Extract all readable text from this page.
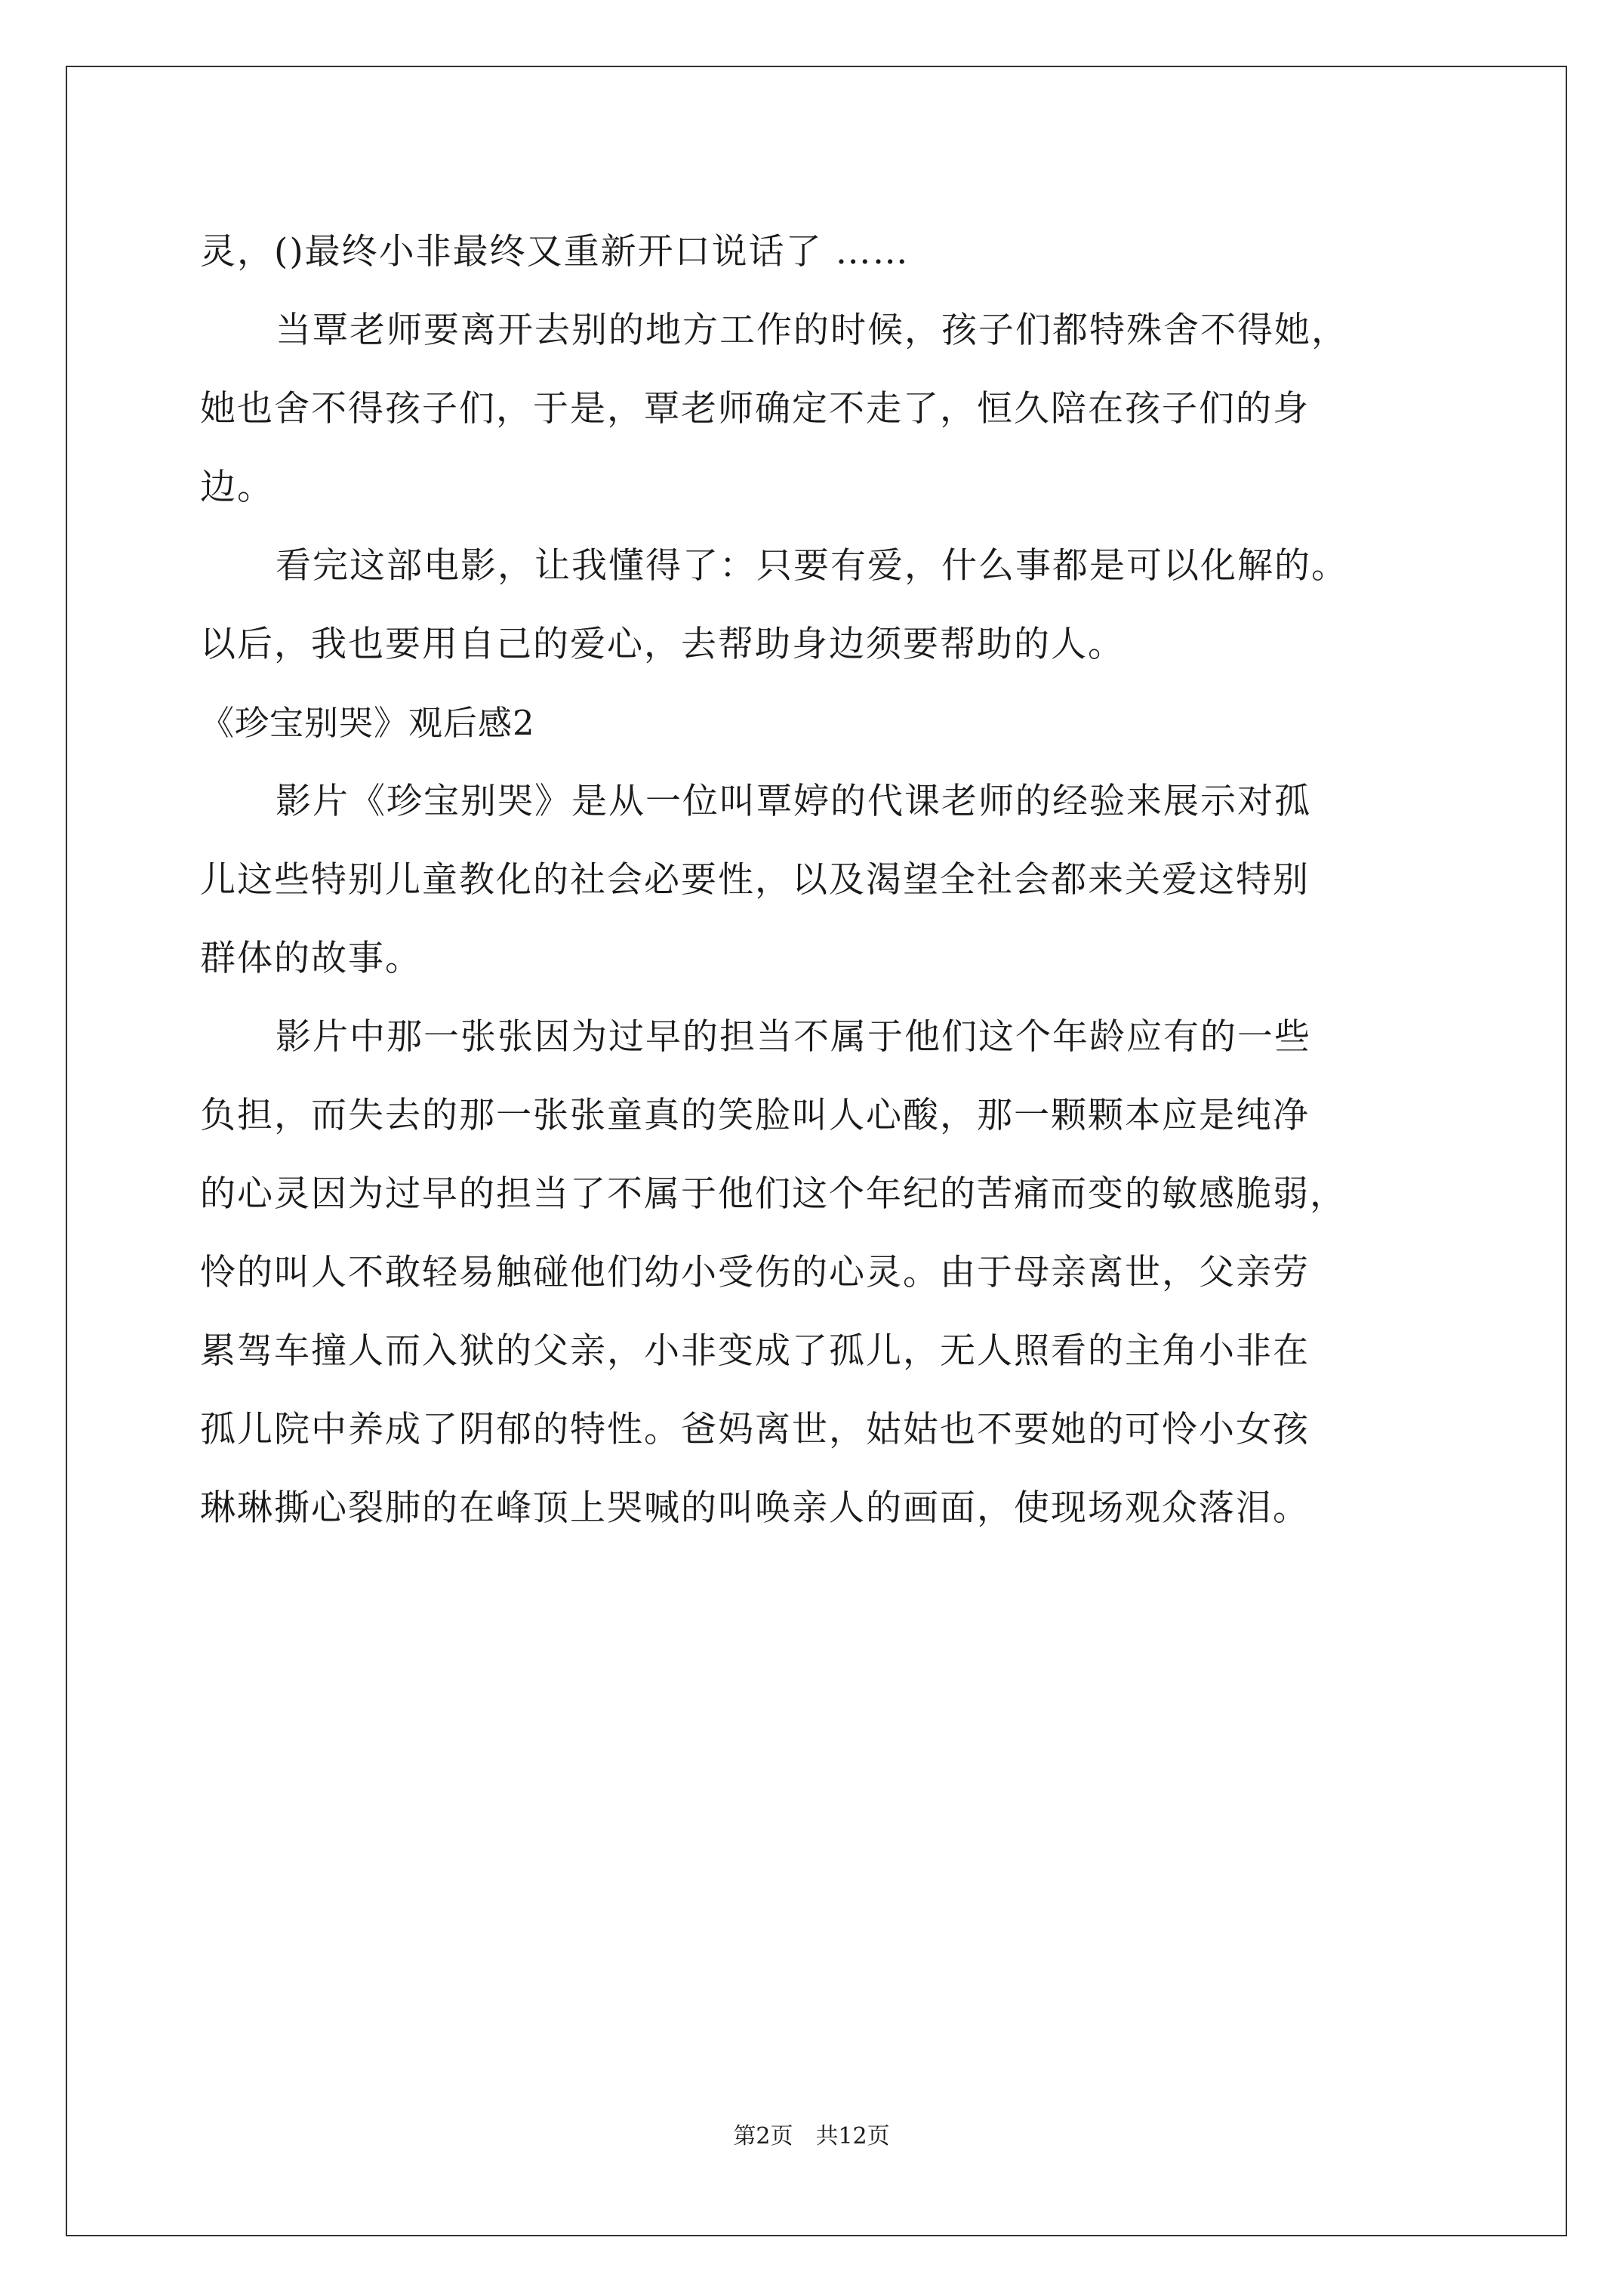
灵，()最终小非最终又重新开口说话了 ……
当覃老师要离开去别的地方工作的时候，孩子们都特殊舍不得她，
她也舍不得孩子们，于是，覃老师确定不走了，恒久陪在孩子们的身
边。
看完这部电影，让我懂得了：只要有爱，什么事都是可以化解的。
以后，我也要用自己的爱心，去帮助身边须要帮助的人。
《珍宝别哭》观后感2
影片《珍宝别哭》是从一位叫覃婷的代课老师的经验来展示对孤
儿这些特别儿童教化的社会必要性，以及渴望全社会都来关爱这特别
群体的故事。
影片中那一张张因为过早的担当不属于他们这个年龄应有的一些
负担，而失去的那一张张童真的笑脸叫人心酸，那一颗颗本应是纯净
的心灵因为过早的担当了不属于他们这个年纪的苦痛而变的敏感脆弱，
怜的叫人不敢轻易触碰他们幼小受伤的心灵。由于母亲离世，父亲劳
累驾车撞人而入狱的父亲，小非变成了孤儿，无人照看的主角小非在
孤儿院中养成了阴郁的特性。爸妈离世，姑姑也不要她的可怜小女孩
琳琳撕心裂肺的在峰顶上哭喊的叫唤亲人的画面，使现场观众落泪。
第2页　共12页
